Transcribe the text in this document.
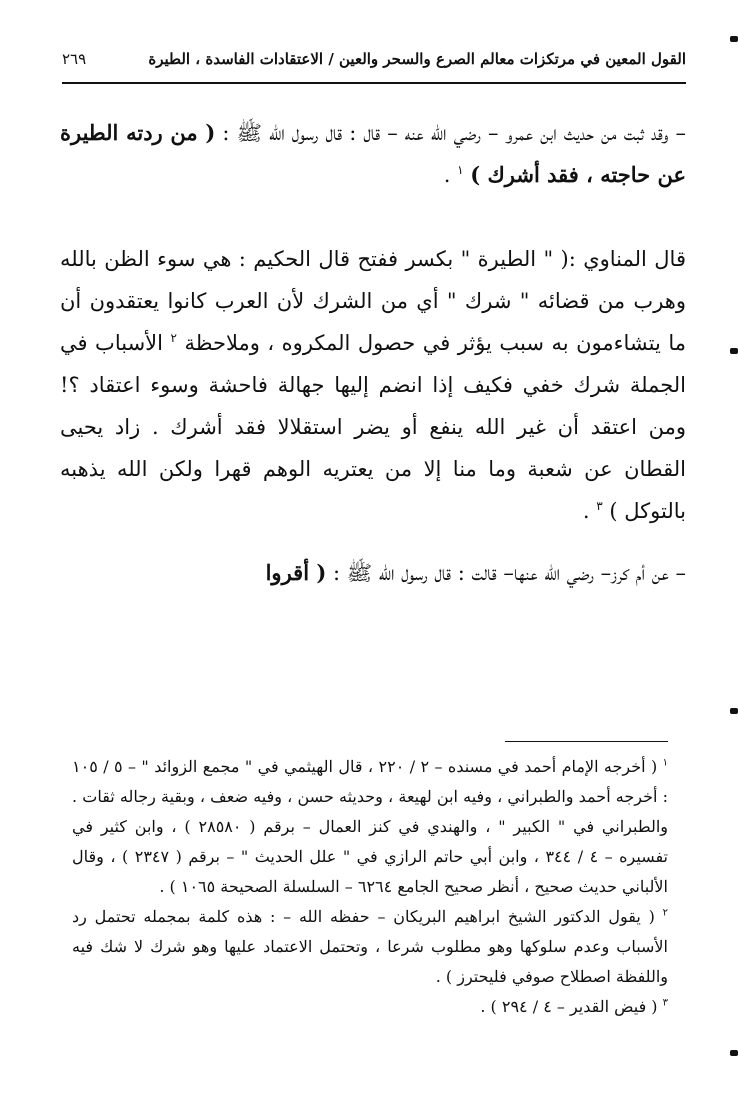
القول المعين في مرتكزات معالم الصرع والسحر والعين / الاعتقادات الفاسدة ، الطيرة
٢٦٩

– وقد ثبت من حديث ابن عمرو – رضي الله عنه – قال : قال رسول الله ﷺ : ( من ردته الطيرة عن حاجته ، فقد أشرك ) $^١$ .

قال المناوي :( " الطيرة " بكسر ففتح قال الحكيم : هي سوء الظن بالله وهرب من قضائه " شرك " أي من الشرك لأن العرب كانوا يعتقدون أن ما يتشاءمون به سبب يؤثر في حصول المكروه ، وملاحظة $^٢$ الأسباب في الجملة شرك خفي فكيف إذا انضم إليها جهالة فاحشة وسوء اعتقاد ؟! ومن اعتقد أن غير الله ينفع أو يضر استقلالا فقد أشرك . زاد يحيى القطان عن شعبة وما منا إلا من يعتريه الوهم قهرا ولكن الله يذهبه بالتوكل ) $^٣$ .

– عن أم كرز– رضي الله عنها– قالت : قال رسول الله ﷺ : ( أقروا

$^١$ ( أخرجه الإمام أحمد في مسنده – ٢ / ٢٢٠ ، قال الهيثمي في " مجمع الزوائد " – ٥ / ١٠٥ : أخرجه أحمد والطبراني ، وفيه ابن لهيعة ، وحديثه حسن ، وفيه ضعف ، وبقية رجاله ثقات . والطبراني في " الكبير " ، والهندي في كنز العمال – برقم ( ٢٨٥٨٠ ) ، وابن كثير في تفسيره – ٤ / ٣٤٤ ، وابن أبي حاتم الرازي في " علل الحديث " – برقم ( ٢٣٤٧ ) ، وقال الألباني حديث صحيح ، أنظر صحيح الجامع ٦٢٦٤ – السلسلة الصحيحة ١٠٦٥ ) .

$^٢$ ( يقول الدكتور الشيخ ابراهيم البريكان – حفظه الله – : هذه كلمة بمجمله تحتمل رد الأسباب وعدم سلوكها وهو مطلوب شرعا ، وتحتمل الاعتماد عليها وهو شرك لا شك فيه واللفظة اصطلاح صوفي فليحترز ) .

$^٣$ ( فيض القدير – ٤ / ٢٩٤ ) .
